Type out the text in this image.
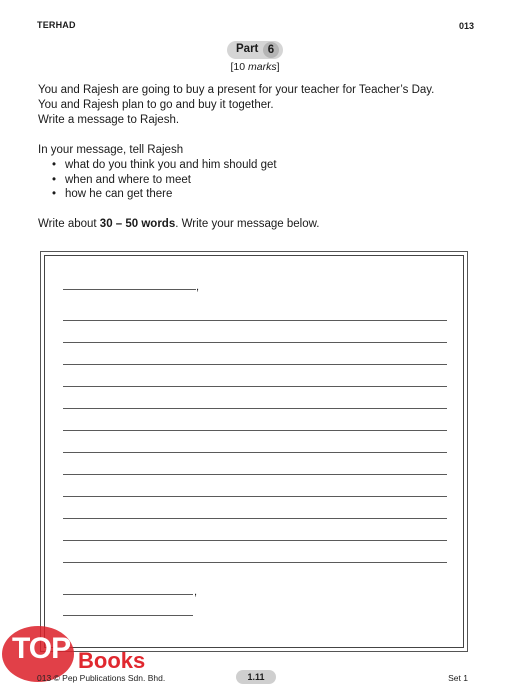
TERHAD	013
Part 6
[10 marks]
You and Rajesh are going to buy a present for your teacher for Teacher’s Day.
You and Rajesh plan to go and buy it together.
Write a message to Rajesh.
In your message, tell Rajesh
• what do you think you and him should get
• when and where to meet
• how he can get there
Write about 30 – 50 words. Write your message below.
,
,
TOP Books
013 © Pep Publications Sdn. Bhd.	1.11	Set 1
